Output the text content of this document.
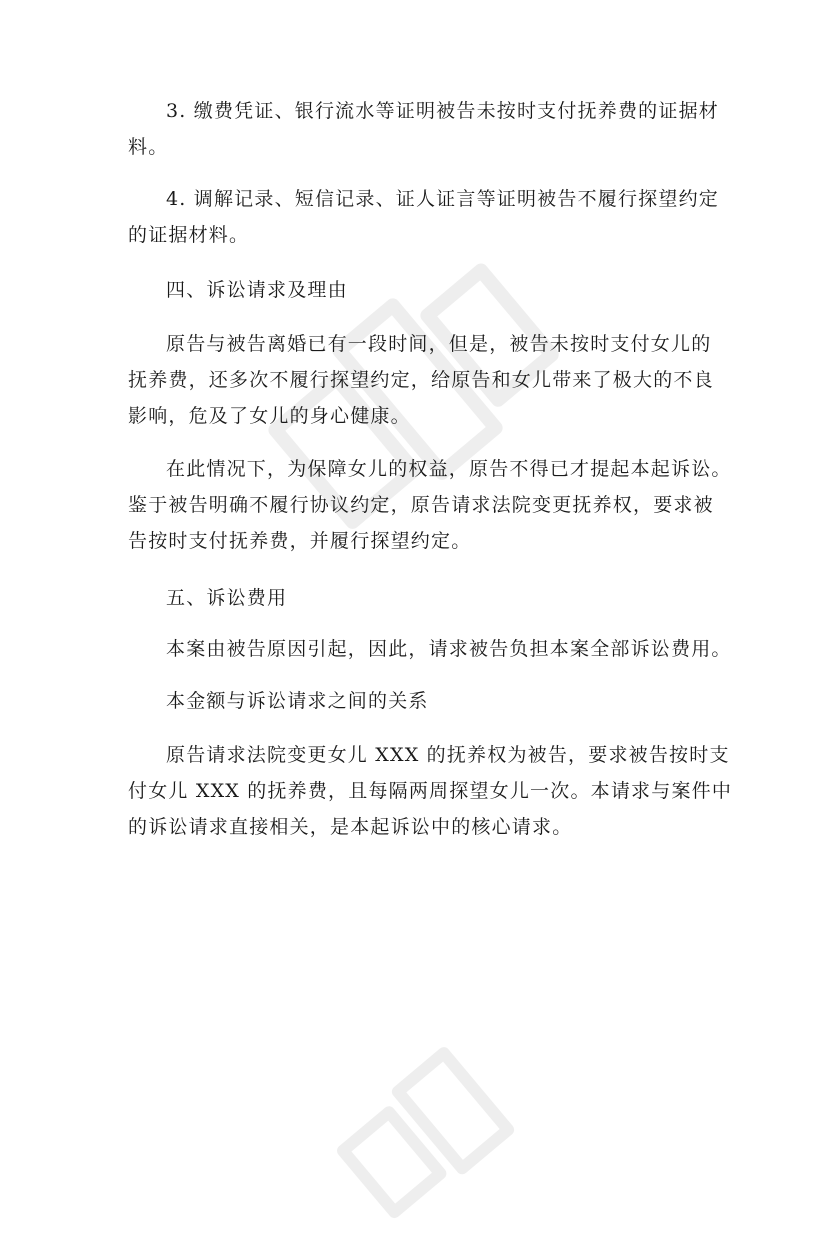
3. 缴费凭证、银行流水等证明被告未按时支付抚养费的证据材
料。
4. 调解记录、短信记录、证人证言等证明被告不履行探望约定
的证据材料。
四、诉讼请求及理由
原告与被告离婚已有一段时间，但是，被告未按时支付女儿的
抚养费，还多次不履行探望约定，给原告和女儿带来了极大的不良
影响，危及了女儿的身心健康。
在此情况下，为保障女儿的权益，原告不得已才提起本起诉讼。
鉴于被告明确不履行协议约定，原告请求法院变更抚养权，要求被
告按时支付抚养费，并履行探望约定。
五、诉讼费用
本案由被告原因引起，因此，请求被告负担本案全部诉讼费用。
本金额与诉讼请求之间的关系
原告请求法院变更女儿 XXX 的抚养权为被告，要求被告按时支
付女儿 XXX 的抚养费，且每隔两周探望女儿一次。本请求与案件中
的诉讼请求直接相关，是本起诉讼中的核心请求。
